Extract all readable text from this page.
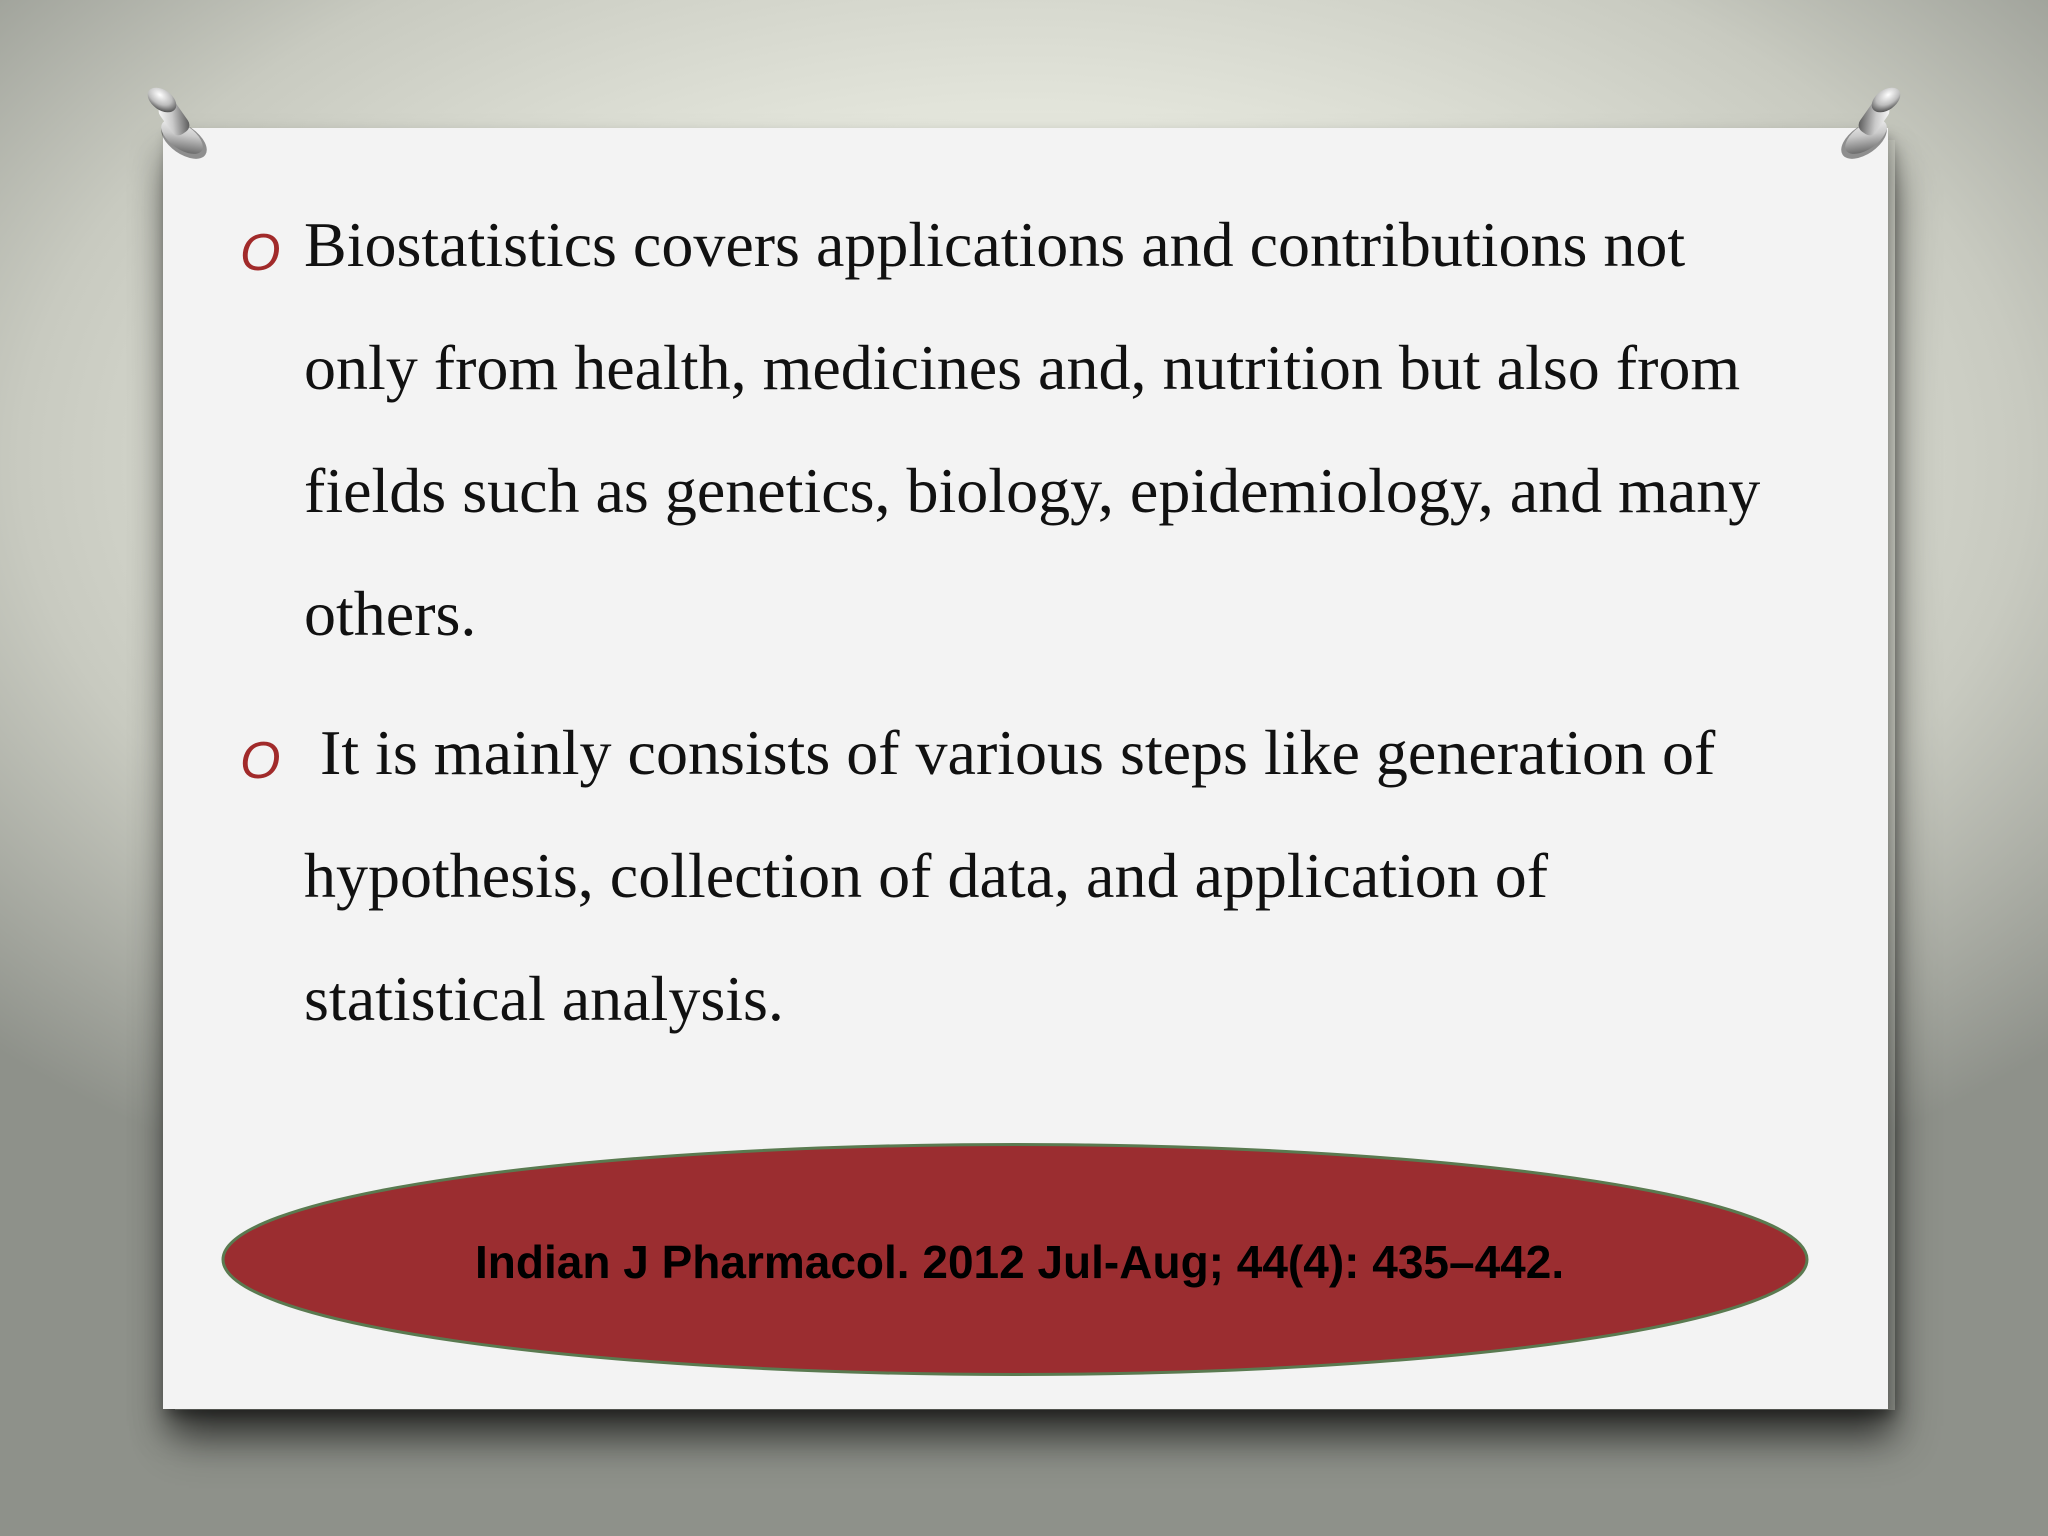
O Biostatistics covers applications and contributions not only from health, medicines and, nutrition but also from fields such as genetics, biology, epidemiology, and many others.
O It is mainly consists of various steps like generation of hypothesis, collection of data, and application of statistical analysis.
Indian J Pharmacol. 2012 Jul-Aug; 44(4): 435–442.
